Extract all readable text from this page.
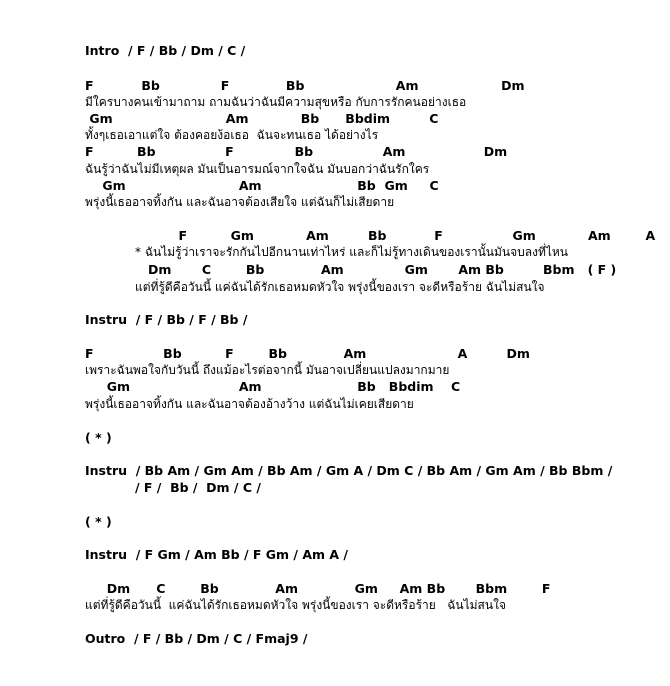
Intro  / F / Bb / Dm / C /
F           Bb              F             Bb                     Am                   Dm
มีใครบางคนเข้ามาถาม ถามฉันว่าฉันมีความสุขหรือ กับการรักคนอย่างเธอ
Gm                          Am            Bb      Bbdim         C
ทั้งๆเธอเอาแต่ใจ ต้องคอยง้อเธอ  ฉันจะทนเธอ ได้อย่างไร
F          Bb                F              Bb                Am                  Dm
ฉันรู้ว่าฉันไม่มีเหตุผล มันเป็นอารมณ์จากใจฉัน มันบอกว่าฉันรักใคร
Gm                          Am                      Bb  Gm     C
พรุ่งนี้เธออาจทิ้งกัน และฉันอาจต้องเสียใจ แต่ฉันก็ไม่เสียดาย
F          Gm            Am         Bb           F                Gm            Am        A
* ฉันไม่รู้ว่าเราจะรักกันไปอีกนานเท่าไหร่ และก็ไม่รู้ทางเดินของเรานั้นมันจบลงที่ไหน
Dm       C        Bb             Am              Gm       Am Bb         Bbm   ( F )
แต่ที่รู้ดีคือวันนี้ แค่ฉันได้รักเธอหมดหัวใจ พรุ่งนี้ของเรา จะดีหรือร้าย ฉันไม่สนใจ
Instru  / F / Bb / F / Bb /
F                Bb          F        Bb             Am                     A         Dm
เพราะฉันพอใจกับวันนี้ ถึงแม้อะไรต่อจากนี้ มันอาจเปลี่ยนแปลงมากมาย
Gm                         Am                      Bb   Bbdim    C
พรุ่งนี้เธออาจทิ้งกัน และฉันอาจต้องอ้างว้าง แต่ฉันไม่เคยเสียดาย
( * )
Instru  / Bb Am / Gm Am / Bb Am / Gm A / Dm C / Bb Am / Gm Am / Bb Bbm /
/ F /  Bb /  Dm / C /
( * )
Instru  / F Gm / Am Bb / F Gm / Am A /
Dm      C        Bb             Am             Gm     Am Bb       Bbm        F
แต่ที่รู้ดีคือวันนี้  แค่ฉันได้รักเธอหมดหัวใจ พรุ่งนี้ของเรา จะดีหรือร้าย   ฉันไม่สนใจ
Outro  / F / Bb / Dm / C / Fmaj9 /
